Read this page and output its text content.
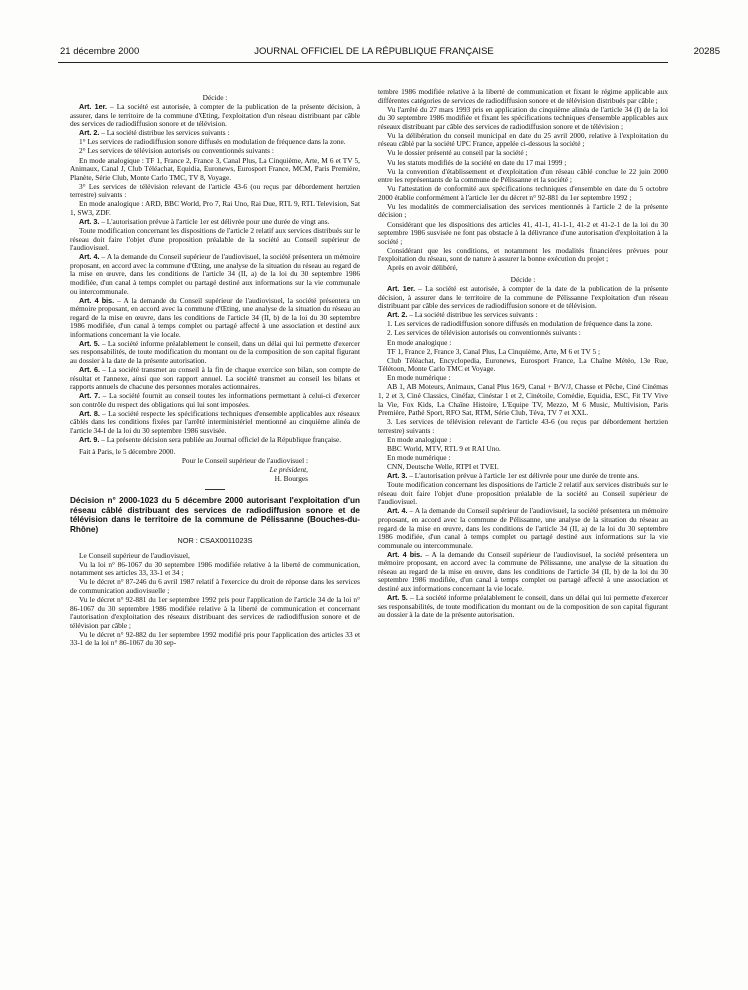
21 décembre 2000	JOURNAL OFFICIEL DE LA RÉPUBLIQUE FRANÇAISE	20285

Décide :

Art. 1er. – La société est autorisée, à compter de la publication de la présente décision, à assurer, dans le territoire de la commune d'Œting, l'exploitation d'un réseau distribuant par câble des services de radiodiffusion sonore et de télévision.

Art. 2. – La société distribue les services suivants :

1° Les services de radiodiffusion sonore diffusés en modulation de fréquence dans la zone.

2° Les services de télévision autorisés ou conventionnés suivants :

En mode analogique : TF 1, France 2, France 3, Canal Plus, La Cinquième, Arte, M 6 et TV 5, Animaux, Canal J, Club Téléachat, Equidia, Euronews, Eurosport France, MCM, Paris Première, Planète, Série Club, Monte Carlo TMC, TV 8, Voyage.

3° Les services de télévision relevant de l'article 43-6 (ou reçus par débordement hertzien terrestre) suivants :

En mode analogique : ARD, BBC World, Pro 7, Rai Uno, Rai Due, RTL 9, RTL Television, Sat 1, SW3, ZDF.

Art. 3. – L'autorisation prévue à l'article 1er est délivrée pour une durée de vingt ans.

Toute modification concernant les dispositions de l'article 2 relatif aux services distribués sur le réseau doit faire l'objet d'une proposition préalable de la société au Conseil supérieur de l'audiovisuel.

Art. 4. – A la demande du Conseil supérieur de l'audiovisuel, la société présentera un mémoire proposant, en accord avec la commune d'Œting, une analyse de la situation du réseau au regard de la mise en œuvre, dans les conditions de l'article 34 (II, a) de la loi du 30 septembre 1986 modifiée, d'un canal à temps complet ou partagé destiné aux informations sur la vie communale ou intercommunale.

Art. 4 bis. – A la demande du Conseil supérieur de l'audiovisuel, la société présentera un mémoire proposant, en accord avec la commune d'Œting, une analyse de la situation du réseau au regard de la mise en œuvre, dans les conditions de l'article 34 (II, b) de la loi du 30 septembre 1986 modifiée, d'un canal à temps complet ou partagé affecté à une association et destiné aux informations concernant la vie locale.

Art. 5. – La société informe préalablement le conseil, dans un délai qui lui permette d'exercer ses responsabilités, de toute modification du montant ou de la composition de son capital figurant au dossier à la date de la présente autorisation.

Art. 6. – La société transmet au conseil à la fin de chaque exercice son bilan, son compte de résultat et l'annexe, ainsi que son rapport annuel. La société transmet au conseil les bilans et rapports annuels de chacune des personnes morales actionnaires.

Art. 7. – La société fournit au conseil toutes les informations permettant à celui-ci d'exercer son contrôle du respect des obligations qui lui sont imposées.

Art. 8. – La société respecte les spécifications techniques d'ensemble applicables aux réseaux câblés dans les conditions fixées par l'arrêté interministériel mentionné au cinquième alinéa de l'article 34-I de la loi du 30 septembre 1986 susvisée.

Art. 9. – La présente décision sera publiée au Journal officiel de la République française.

Fait à Paris, le 5 décembre 2000.

Pour le Conseil supérieur de l'audiovisuel :

Le président,

H. Bourges

Décision n° 2000-1023 du 5 décembre 2000 autorisant l'exploitation d'un réseau câblé distribuant des services de radiodiffusion sonore et de télévision dans le territoire de la commune de Pélissanne (Bouches-du-Rhône)
NOR : CSAX0011023S

Le Conseil supérieur de l'audiovisuel,

Vu la loi n° 86-1067 du 30 septembre 1986 modifiée relative à la liberté de communication, notamment ses articles 33, 33-1 et 34 ;

Vu le décret n° 87-246 du 6 avril 1987 relatif à l'exercice du droit de réponse dans les services de communication audiovisuelle ;

Vu le décret n° 92-881 du 1er septembre 1992 pris pour l'application de l'article 34 de la loi n° 86-1067 du 30 septembre 1986 modifiée relative à la liberté de communication et concernant l'autorisation d'exploitation des réseaux distribuant des services de radiodiffusion sonore et de télévision par câble ;

Vu le décret n° 92-882 du 1er septembre 1992 modifié pris pour l'application des articles 33 et 33-1 de la loi n° 86-1067 du 30 sep-

tembre 1986 modifiée relative à la liberté de communication et fixant le régime applicable aux différentes catégories de services de radiodiffusion sonore et de télévision distribués par câble ;

Vu l'arrêté du 27 mars 1993 pris en application du cinquième alinéa de l'article 34 (I) de la loi du 30 septembre 1986 modifiée et fixant les spécifications techniques d'ensemble applicables aux réseaux distribuant par câble des services de radiodiffusion sonore et de télévision ;

Vu la délibération du conseil municipal en date du 25 avril 2000, relative à l'exploitation du réseau câblé par la société UPC France, appelée ci-dessous la société ;

Vu le dossier présenté au conseil par la société ;

Vu les statuts modifiés de la société en date du 17 mai 1999 ;

Vu la convention d'établissement et d'exploitation d'un réseau câblé conclue le 22 juin 2000 entre les représentants de la commune de Pélissanne et la société ;

Vu l'attestation de conformité aux spécifications techniques d'ensemble en date du 5 octobre 2000 établie conformément à l'article 1er du décret n° 92-881 du 1er septembre 1992 ;

Vu les modalités de commercialisation des services mentionnés à l'article 2 de la présente décision ;

Considérant que les dispositions des articles 41, 41-1, 41-1-1, 41-2 et 41-2-1 de la loi du 30 septembre 1986 susvisée ne font pas obstacle à la délivrance d'une autorisation d'exploitation à la société ;

Considérant que les conditions, et notamment les modalités financières prévues pour l'exploitation du réseau, sont de nature à assurer la bonne exécution du projet ;

Après en avoir délibéré,

Décide :

Art. 1er. – La société est autorisée, à compter de la date de la publication de la présente décision, à assurer dans le territoire de la commune de Pélissanne l'exploitation d'un réseau distribuant par câble des services de radiodiffusion sonore et de télévision.

Art. 2. – La société distribue les services suivants :

1. Les services de radiodiffusion sonore diffusés en modulation de fréquence dans la zone.

2. Les services de télévision autorisés ou conventionnés suivants :

En mode analogique :

TF 1, France 2, France 3, Canal Plus, La Cinquième, Arte, M 6 et TV 5 ;

Club Téléachat, Encyclopedia, Euronews, Eurosport France, La Chaîne Météo, 13e Rue, Télétoon, Monte Carlo TMC et Voyage.

En mode numérique :

AB 1, AB Moteurs, Animaux, Canal Plus 16/9, Canal + B/V/J, Chasse et Pêche, Ciné Cinémas 1, 2 et 3, Ciné Classics, Cinéfaz, Cinéstar 1 et 2, Cinétoile, Comédie, Equidia, ESC, Fit TV Vive la Vie, Fox Kids, La Chaîne Histoire, L'Equipe TV, Mezzo, M 6 Music, Multivision, Paris Première, Pathé Sport, RFO Sat, RTM, Série Club, Téva, TV 7 et XXL.

3. Les services de télévision relevant de l'article 43-6 (ou reçus par débordement hertzien terrestre) suivants :

En mode analogique :

BBC World, MTV, RTL 9 et RAI Uno.

En mode numérique :

CNN, Deutsche Welle, RTPI et TVEI.

Art. 3. – L'autorisation prévue à l'article 1er est délivrée pour une durée de trente ans.

Toute modification concernant les dispositions de l'article 2 relatif aux services distribués sur le réseau doit faire l'objet d'une proposition préalable de la société au Conseil supérieur de l'audiovisuel.

Art. 4. – A la demande du Conseil supérieur de l'audiovisuel, la société présentera un mémoire proposant, en accord avec la commune de Pélissanne, une analyse de la situation du réseau au regard de la mise en œuvre, dans les conditions de l'article 34 (II, a) de la loi du 30 septembre 1986 modifiée, d'un canal à temps complet ou partagé destiné aux informations sur la vie communale ou intercommunale.

Art. 4 bis. – A la demande du Conseil supérieur de l'audiovisuel, la société présentera un mémoire proposant, en accord avec la commune de Pélissanne, une analyse de la situation du réseau au regard de la mise en œuvre, dans les conditions de l'article 34 (II, b) de la loi du 30 septembre 1986 modifiée, d'un canal à temps complet ou partagé affecté à une association et destiné aux informations concernant la vie locale.

Art. 5. – La société informe préalablement le conseil, dans un délai qui lui permette d'exercer ses responsabilités, de toute modification du montant ou de la composition de son capital figurant au dossier à la date de la présente autorisation.
